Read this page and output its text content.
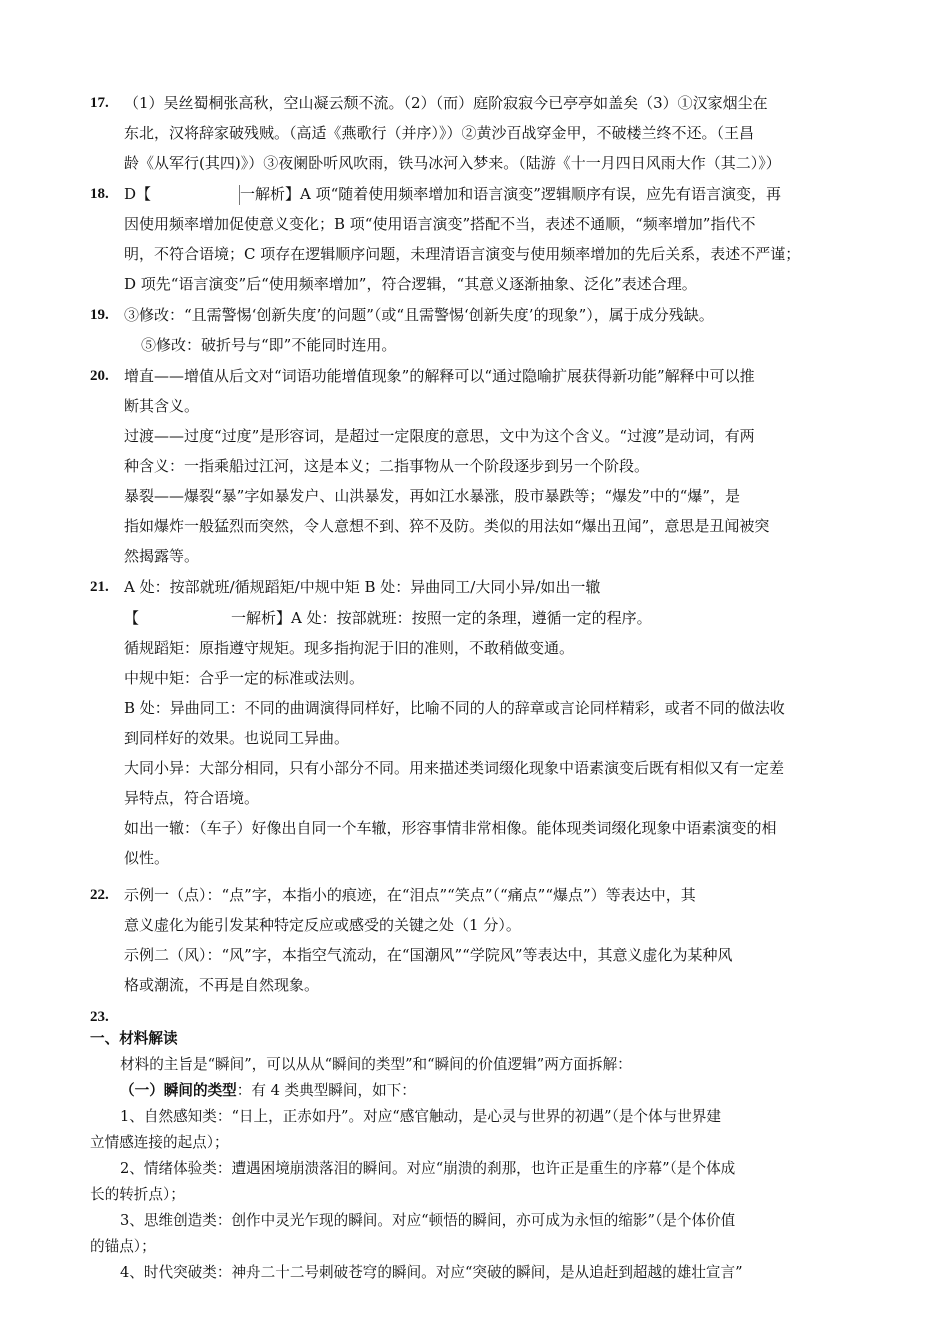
17. （1）吴丝蜀桐张高秋，空山凝云颓不流。（2）（而）庭阶寂寂今已亭亭如盖矣（3）①汉家烟尘在
东北，汉将辞家破残贼。（高适《燕歌行（并序）》）②黄沙百战穿金甲，不破楼兰终不还。（王昌
龄《从军行(其四)》）③夜阑卧听风吹雨，铁马冰河入梦来。（陆游《十一月四日风雨大作（其二）》）
18. D【	一解析】A 项“随着使用频率增加和语言演变”逻辑顺序有误，应先有语言演变，再
因使用频率增加促使意义变化；B 项“使用语言演变”搭配不当，表述不通顺，“频率增加”指代不
明，不符合语境；C 项存在逻辑顺序问题，未理清语言演变与使用频率增加的先后关系，表述不严谨；
D 项先“语言演变”后“使用频率增加”，符合逻辑，“其意义逐渐抽象、泛化”表述合理。
19. ③修改：“且需警惕‘创新失度’的问题”（或“且需警惕‘创新失度’的现象”），属于成分残缺。
⑤修改：破折号与“即”不能同时连用。
20. 增直——增值从后文对“词语功能增值现象”的解释可以“通过隐喻扩展获得新功能”解释中可以推
断其含义。
过渡——过度“过度”是形容词，是超过一定限度的意思，文中为这个含义。“过渡”是动词，有两
种含义：一指乘船过江河，这是本义；二指事物从一个阶段逐步到另一个阶段。
暴裂——爆裂“暴”字如暴发户、山洪暴发，再如江水暴涨，股市暴跌等；“爆发”中的“爆”，是
指如爆炸一般猛烈而突然，令人意想不到、猝不及防。类似的用法如“爆出丑闻”，意思是丑闻被突
然揭露等。
21. A 处：按部就班/循规蹈矩/中规中矩 B 处：异曲同工/大同小异/如出一辙
【	一解析】A 处：按部就班：按照一定的条理，遵循一定的程序。
循规蹈矩：原指遵守规矩。现多指拘泥于旧的准则，不敢稍做变通。
中规中矩：合乎一定的标准或法则。
B 处：异曲同工：不同的曲调演得同样好，比喻不同的人的辞章或言论同样精彩，或者不同的做法收
到同样好的效果。也说同工异曲。
大同小异：大部分相同，只有小部分不同。用来描述类词缀化现象中语素演变后既有相似又有一定差
异特点，符合语境。
如出一辙：（车子）好像出自同一个车辙，形容事情非常相像。能体现类词缀化现象中语素演变的相
似性。
22. 示例一（点）：“点”字，本指小的痕迹，在“泪点”“笑点”（“痛点”“爆点”）等表达中，其
意义虚化为能引发某种特定反应或感受的关键之处（1 分）。
示例二（风）：“风”字，本指空气流动，在“国潮风”“学院风”等表达中，其意义虚化为某种风
格或潮流，不再是自然现象。
23.
一、材料解读
材料的主旨是“瞬间”，可以从从“瞬间的类型”和“瞬间的价值逻辑”两方面拆解：
（一）瞬间的类型：有 4 类典型瞬间，如下：
1、自然感知类：“日上，正赤如丹”。对应“感官触动，是心灵与世界的初遇”（是个体与世界建
立情感连接的起点）；
2、情绪体验类：遭遇困境崩溃落泪的瞬间。对应“崩溃的刹那，也许正是重生的序幕”（是个体成
长的转折点）；
3、思维创造类：创作中灵光乍现的瞬间。对应“顿悟的瞬间，亦可成为永恒的缩影”（是个体价值
的锚点）；
4、时代突破类：神舟二十二号刺破苍穹的瞬间。对应“突破的瞬间，是从追赶到超越的雄壮宣言”
